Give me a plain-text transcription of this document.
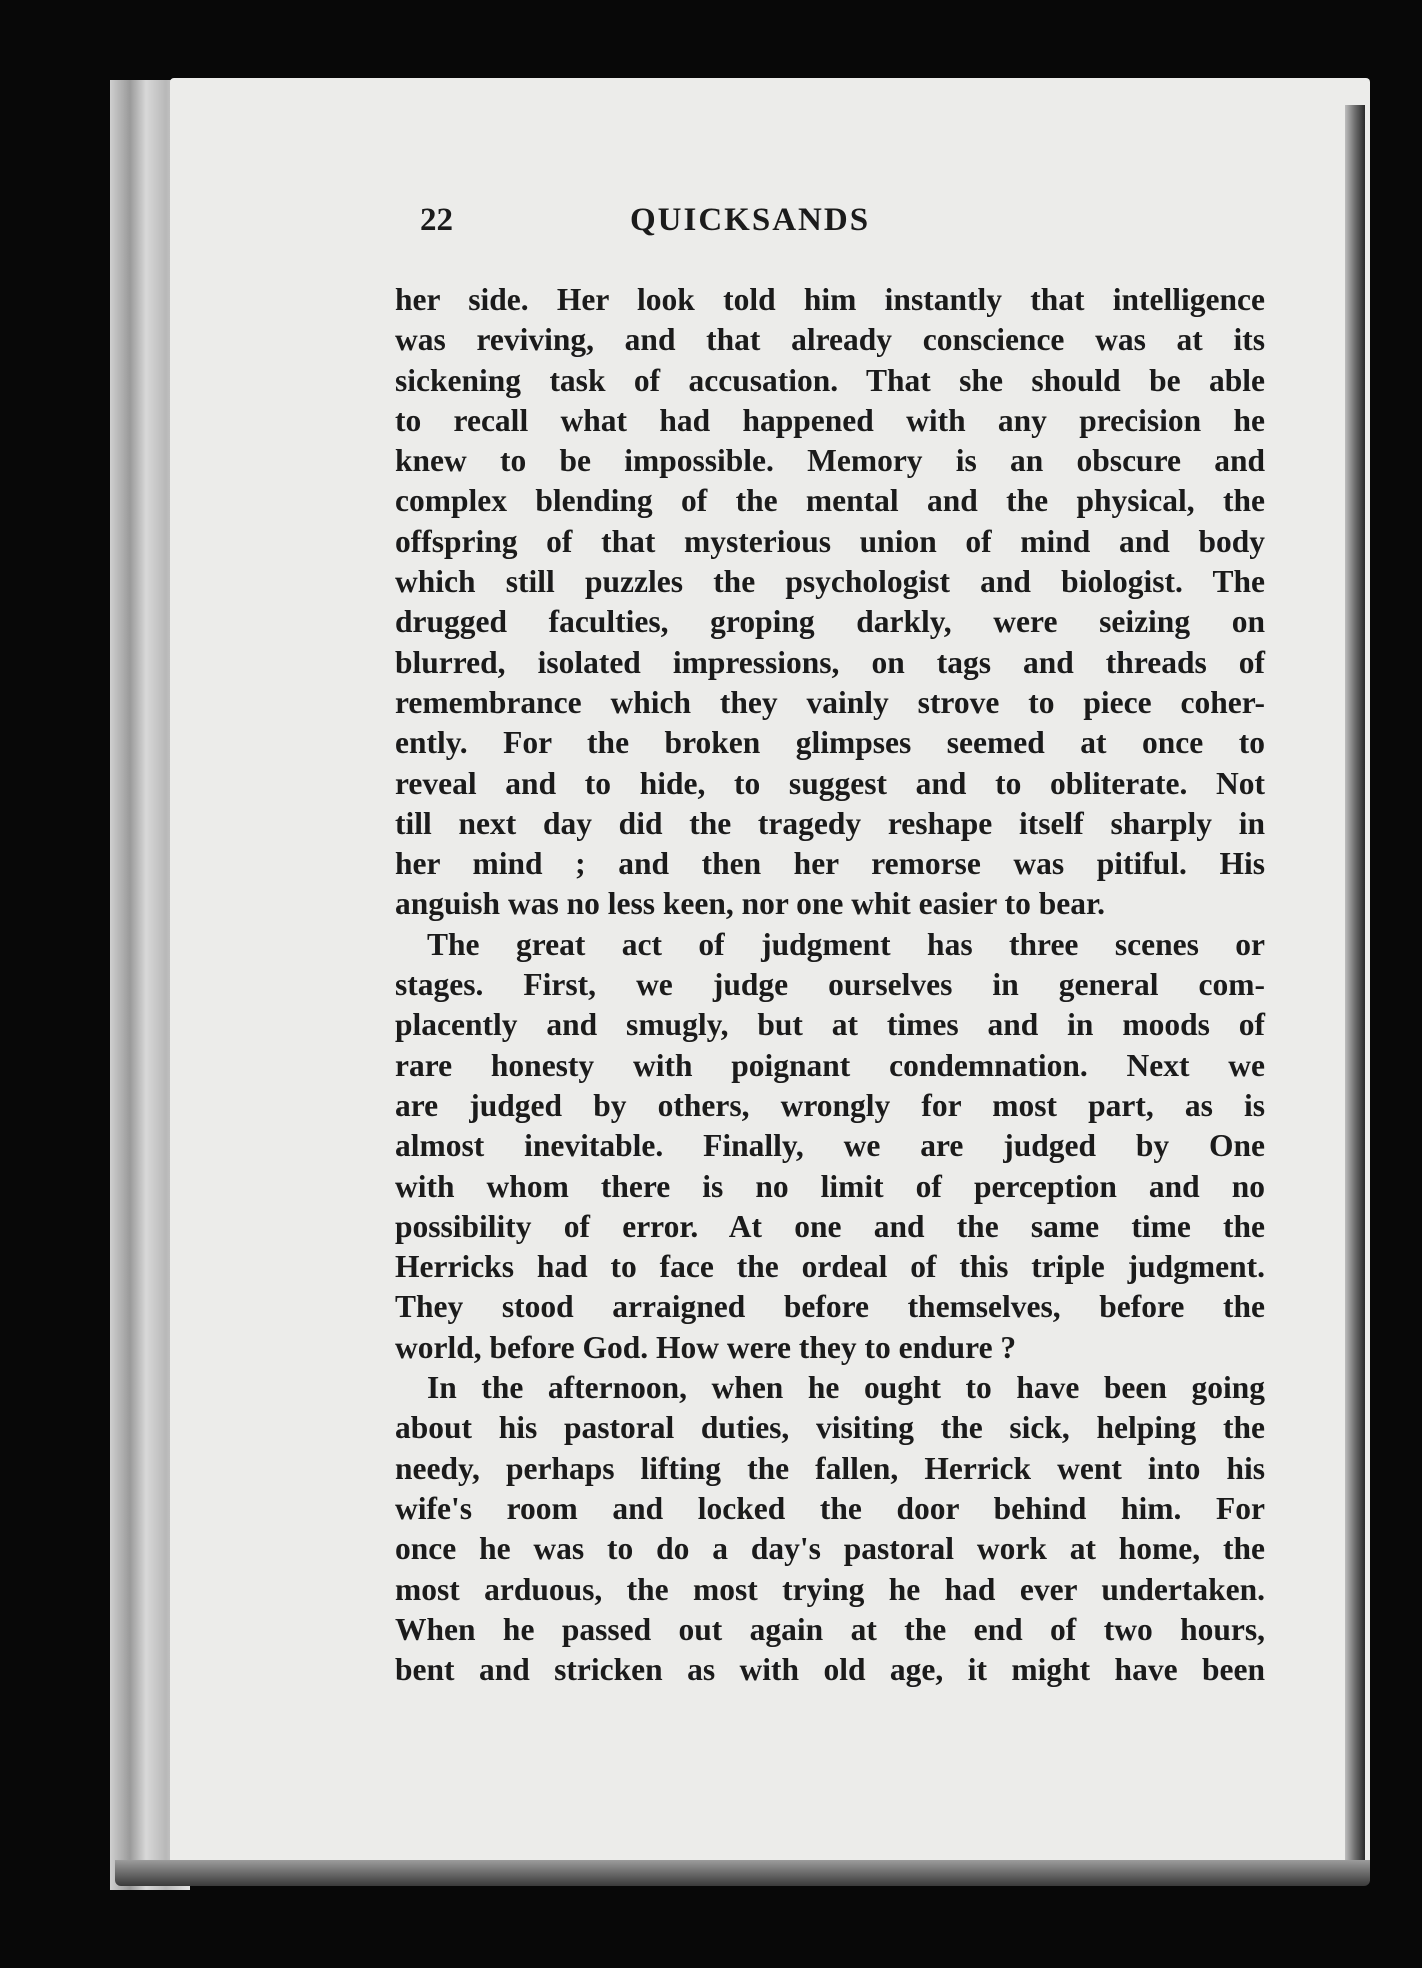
22	QUICKSANDS
her side. Her look told him instantly that intelligence
was reviving, and that already conscience was at its
sickening task of accusation. That she should be able
to recall what had happened with any precision he
knew to be impossible. Memory is an obscure and
complex blending of the mental and the physical, the
offspring of that mysterious union of mind and body
which still puzzles the psychologist and biologist. The
drugged faculties, groping darkly, were seizing on
blurred, isolated impressions, on tags and threads of
remembrance which they vainly strove to piece coher-
ently. For the broken glimpses seemed at once to
reveal and to hide, to suggest and to obliterate. Not
till next day did the tragedy reshape itself sharply in
her mind ; and then her remorse was pitiful. His
anguish was no less keen, nor one whit easier to bear.
The great act of judgment has three scenes or
stages. First, we judge ourselves in general com-
placently and smugly, but at times and in moods of
rare honesty with poignant condemnation. Next we
are judged by others, wrongly for most part, as is
almost inevitable. Finally, we are judged by One
with whom there is no limit of perception and no
possibility of error. At one and the same time the
Herricks had to face the ordeal of this triple judgment.
They stood arraigned before themselves, before the
world, before God. How were they to endure ?
In the afternoon, when he ought to have been going
about his pastoral duties, visiting the sick, helping the
needy, perhaps lifting the fallen, Herrick went into his
wife's room and locked the door behind him. For
once he was to do a day's pastoral work at home, the
most arduous, the most trying he had ever undertaken.
When he passed out again at the end of two hours,
bent and stricken as with old age, it might have been
